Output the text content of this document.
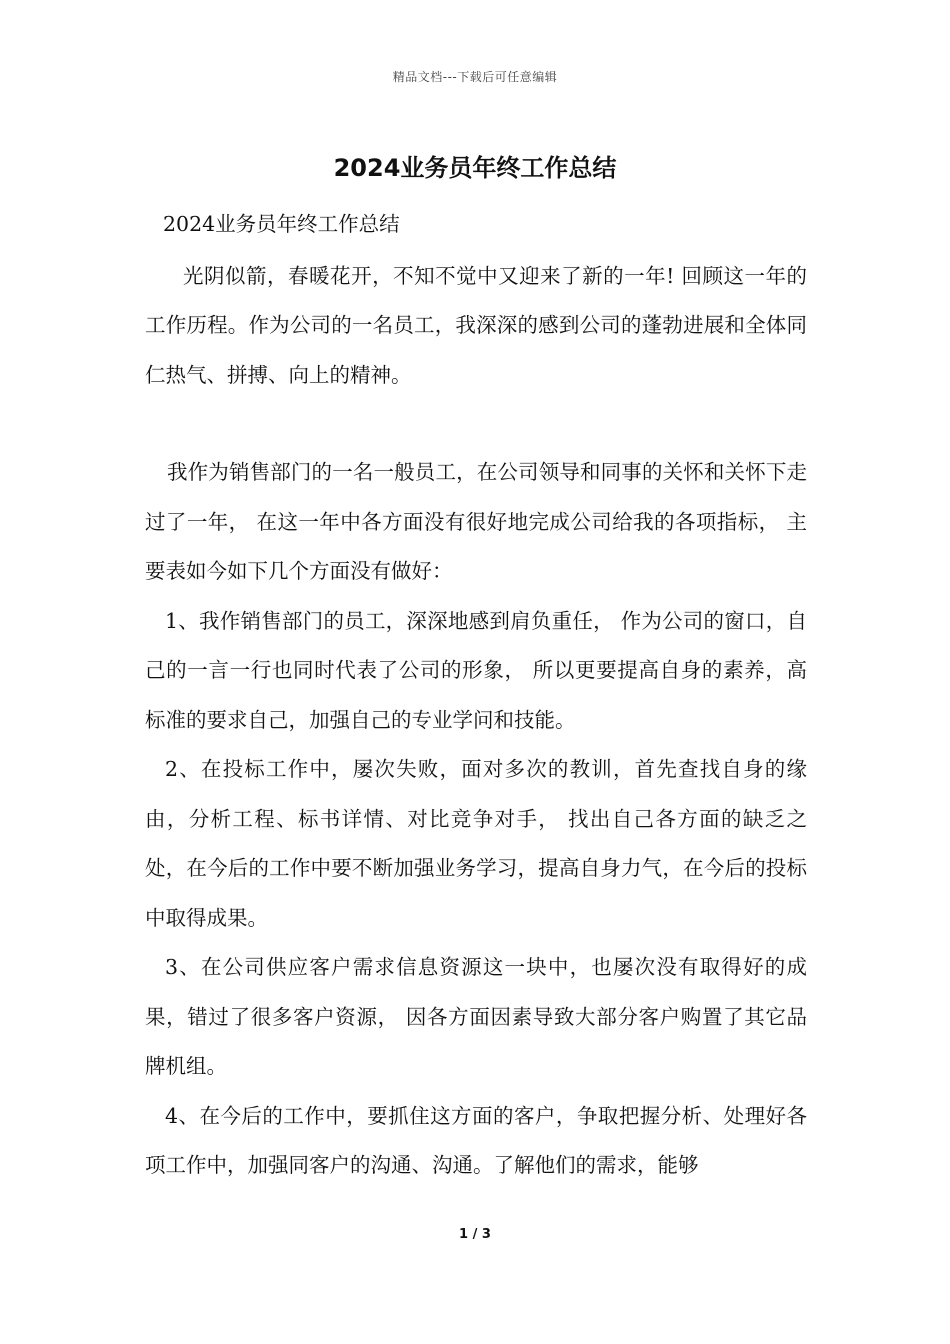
精品文档---下载后可任意编辑
2024业务员年终工作总结

2024业务员年终工作总结

光阴似箭，春暖花开，不知不觉中又迎来了新的一年! 回顾这一年的工作历程。作为公司的一名员工，我深深的感到公司的蓬勃进展和全体同仁热气、拼搏、向上的精神。

我作为销售部门的一名一般员工，在公司领导和同事的关怀和关怀下走过了一年， 在这一年中各方面没有很好地完成公司给我的各项指标， 主要表如今如下几个方面没有做好：

1、我作销售部门的员工，深深地感到肩负重任， 作为公司的窗口，自己的一言一行也同时代表了公司的形象， 所以更要提高自身的素养，高标准的要求自己，加强自己的专业学问和技能。

2、在投标工作中，屡次失败，面对多次的教训，首先查找自身的缘由，分析工程、标书详情、对比竞争对手， 找出自己各方面的缺乏之处，在今后的工作中要不断加强业务学习，提高自身力气，在今后的投标中取得成果。

3、在公司供应客户需求信息资源这一块中，也屡次没有取得好的成果，错过了很多客户资源， 因各方面因素导致大部分客户购置了其它品牌机组。

4、在今后的工作中，要抓住这方面的客户，争取把握分析、处理好各项工作中，加强同客户的沟通、沟通。了解他们的需求，能够

1 / 3
